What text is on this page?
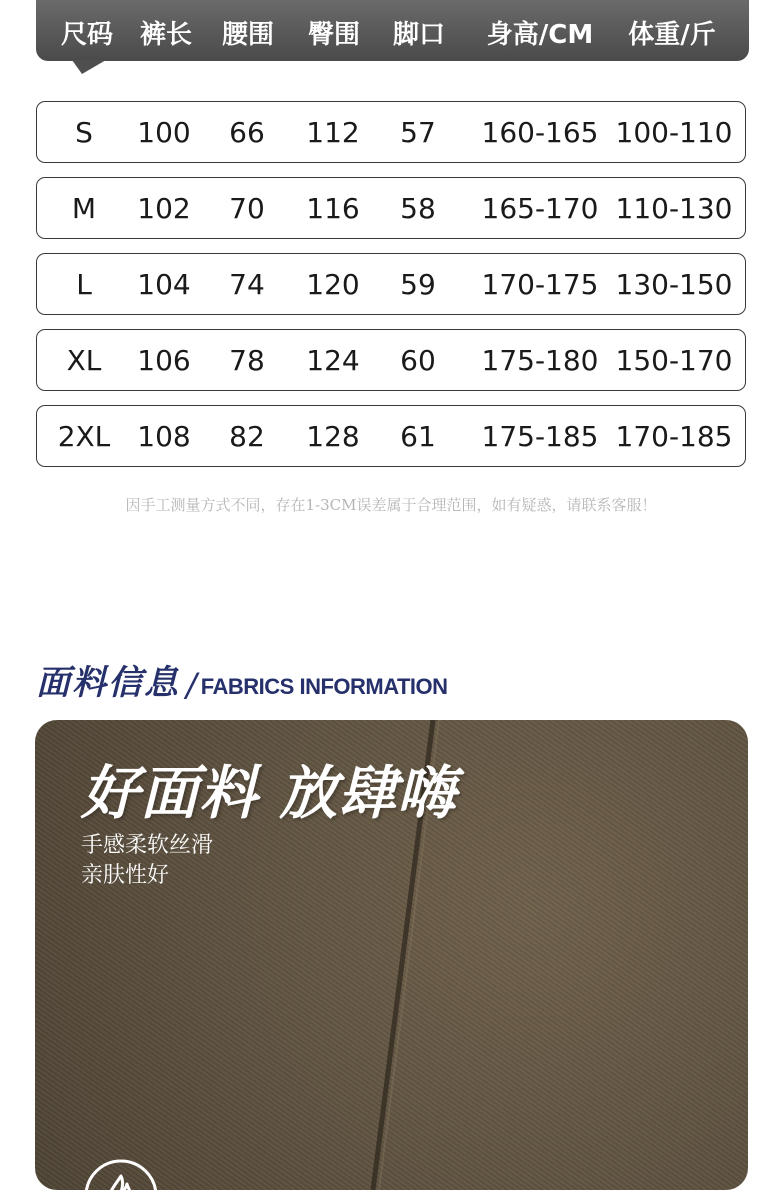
尺码 裤长 腰围 臀围 脚口 身高/CM	体重/斤
S	100	66	112	57	160-165 100-110
M	102	70	116	58	165-170 110-130
L	104	74	120	59	170-175 130-150
XL	106	78	124	60	175-180 150-170
2XL 108	82	128	61	175-185 170-185
因手工测量方式不同，存在1-3CM误差属于合理范围，如有疑惑，请联系客服！
面料信息 / FABRICS INFORMATION
好面料 放肆嗨
手感柔软丝滑
亲肤性好
